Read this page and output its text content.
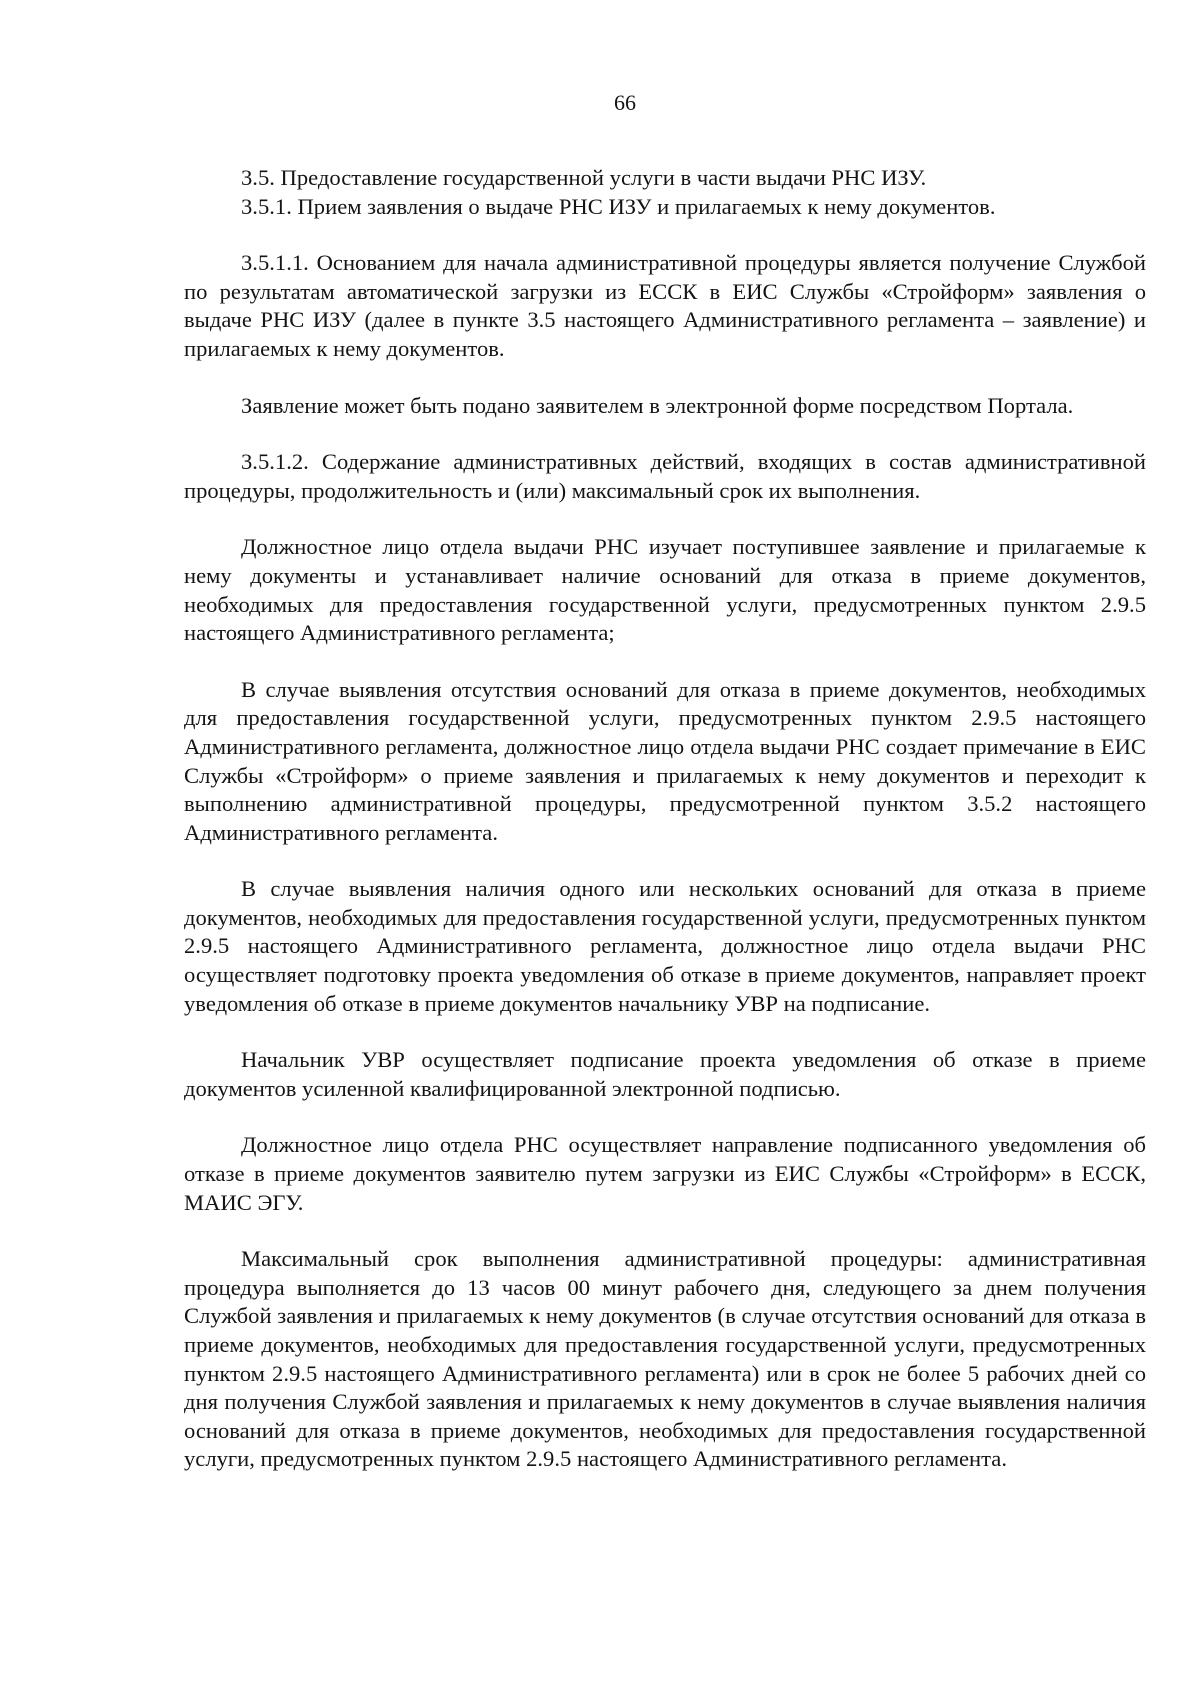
66

3.5. Предоставление государственной услуги в части выдачи РНС ИЗУ.

3.5.1. Прием заявления о выдаче РНС ИЗУ и прилагаемых к нему документов.

3.5.1.1. Основанием для начала административной процедуры является получение Службой по результатам автоматической загрузки из ЕССК в ЕИС Службы «Стройформ» заявления о выдаче РНС ИЗУ (далее в пункте 3.5 настоящего Административного регламента – заявление) и прилагаемых к нему документов.

Заявление может быть подано заявителем в электронной форме посредством Портала.

3.5.1.2. Содержание административных действий, входящих в состав административной процедуры, продолжительность и (или) максимальный срок их выполнения.

Должностное лицо отдела выдачи РНС изучает поступившее заявление и прилагаемые к нему документы и устанавливает наличие оснований для отказа в приеме документов, необходимых для предоставления государственной услуги, предусмотренных пунктом 2.9.5 настоящего Административного регламента;

В случае выявления отсутствия оснований для отказа в приеме документов, необходимых для предоставления государственной услуги, предусмотренных пунктом 2.9.5 настоящего Административного регламента, должностное лицо отдела выдачи РНС создает примечание в ЕИС Службы «Стройформ» о приеме заявления и прилагаемых к нему документов и переходит к выполнению административной процедуры, предусмотренной пунктом 3.5.2 настоящего Административного регламента.

В случае выявления наличия одного или нескольких оснований для отказа в приеме документов, необходимых для предоставления государственной услуги, предусмотренных пунктом 2.9.5 настоящего Административного регламента, должностное лицо отдела выдачи РНС осуществляет подготовку проекта уведомления об отказе в приеме документов, направляет проект уведомления об отказе в приеме документов начальнику УВР на подписание.

Начальник УВР осуществляет подписание проекта уведомления об отказе в приеме документов усиленной квалифицированной электронной подписью.

Должностное лицо отдела РНС осуществляет направление подписанного уведомления об отказе в приеме документов заявителю путем загрузки из ЕИС Службы «Стройформ» в ЕССК, МАИС ЭГУ.

Максимальный срок выполнения административной процедуры: административная процедура выполняется до 13 часов 00 минут рабочего дня, следующего за днем получения Службой заявления и прилагаемых к нему документов (в случае отсутствия оснований для отказа в приеме документов, необходимых для предоставления государственной услуги, предусмотренных пунктом 2.9.5 настоящего Административного регламента) или в срок не более 5 рабочих дней со дня получения Службой заявления и прилагаемых к нему документов в случае выявления наличия оснований для отказа в приеме документов, необходимых для предоставления государственной услуги, предусмотренных пунктом 2.9.5 настоящего Административного регламента.
